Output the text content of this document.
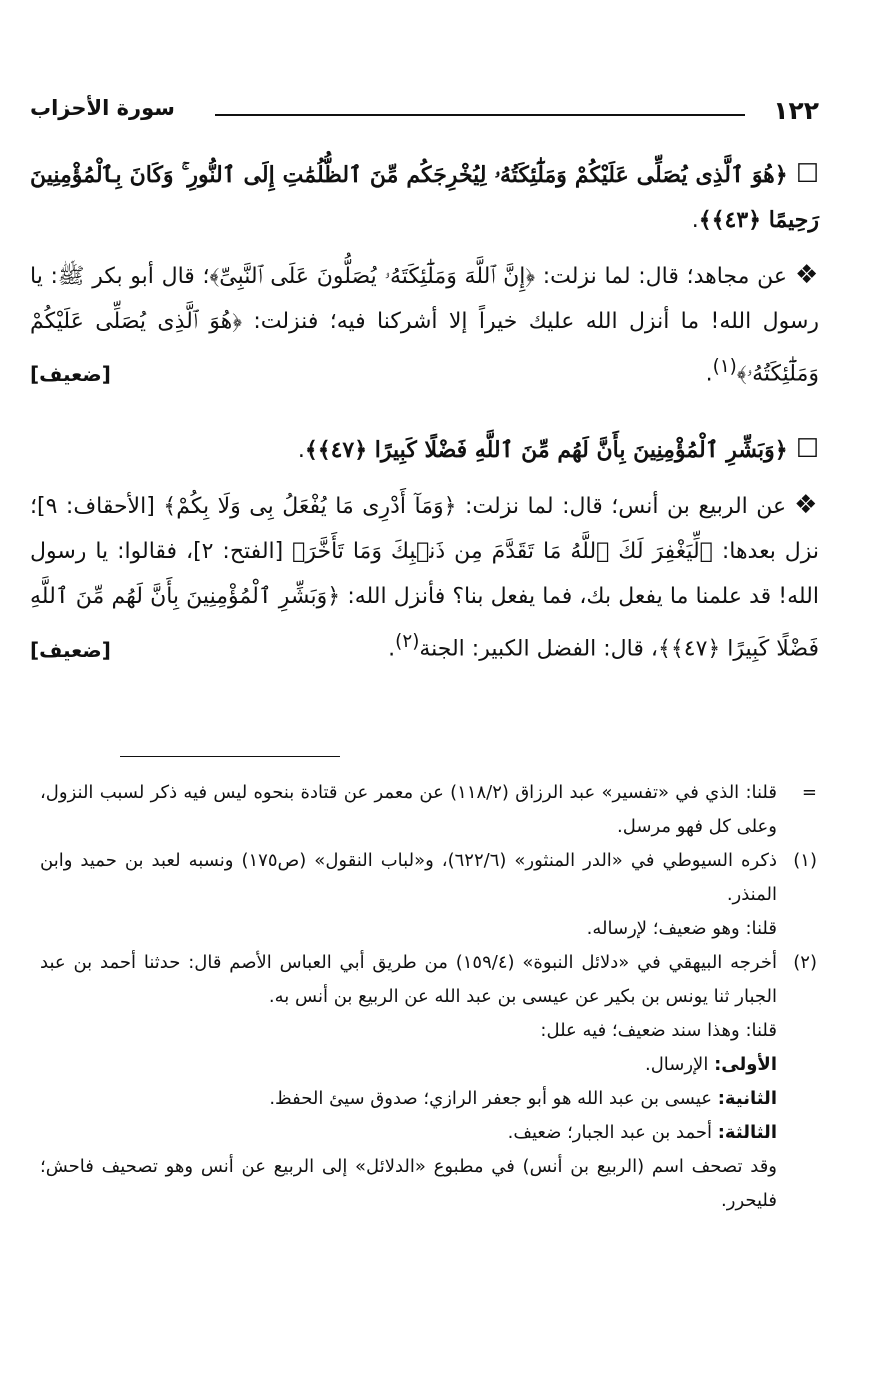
١٢٢
سورة الأحزاب
☐﴿هُوَ ٱلَّذِى يُصَلِّى عَلَيْكُمْ وَمَلَٰٓئِكَتُهُۥ لِيُخْرِجَكُم مِّنَ ٱلظُّلُمَٰتِ إِلَى ٱلنُّورِ ۚ وَكَانَ بِٱلْمُؤْمِنِينَ رَحِيمًا ﴿٤٣﴾﴾.
❖عن مجاهد؛ قال: لما نزلت: ﴿إِنَّ ٱللَّهَ وَمَلَٰٓئِكَتَهُۥ يُصَلُّونَ عَلَى ٱلنَّبِىِّ﴾؛ قال أبو بكر ﷺ: يا رسول الله! ما أنزل الله عليك خيراً إلا أشركنا فيه؛ فنزلت: ﴿هُوَ ٱلَّذِى يُصَلِّى عَلَيْكُمْ وَمَلَٰٓئِكَتُهُۥ﴾$^{(١)}$.
[ضعيف]
☐﴿وَبَشِّرِ ٱلْمُؤْمِنِينَ بِأَنَّ لَهُم مِّنَ ٱللَّهِ فَضْلًا كَبِيرًا ﴿٤٧﴾﴾.
❖عن الربيع بن أنس؛ قال: لما نزلت: ﴿وَمَآ أَدْرِى مَا يُفْعَلُ بِى وَلَا بِكُمْ﴾ [الأحقاف: ٩]؛ نزل بعدها: ﴿لِّيَغْفِرَ لَكَ ٱللَّهُ مَا تَقَدَّمَ مِن ذَنۢبِكَ وَمَا تَأَخَّرَ﴾ [الفتح: ٢]، فقالوا: يا رسول الله! قد علمنا ما يفعل بك، فما يفعل بنا؟ فأنزل الله: ﴿وَبَشِّرِ ٱلْمُؤْمِنِينَ بِأَنَّ لَهُم مِّنَ ٱللَّهِ فَضْلًا كَبِيرًا ﴿٤٧﴾﴾، قال: الفضل الكبير: الجنة$^{(٢)}$.
[ضعيف]
=

قلنا: الذي في «تفسير» عبد الرزاق (١١٨/٢) عن معمر عن قتادة بنحوه ليس فيه ذكر لسبب النزول، وعلى كل فهو مرسل.

(١)

ذكره السيوطي في «الدر المنثور» (٦٢٢/٦)، و«لباب النقول» (ص١٧٥) ونسبه لعبد بن حميد وابن المنذر.

قلنا: وهو ضعيف؛ لإرساله.

(٢)

أخرجه البيهقي في «دلائل النبوة» (١٥٩/٤) من طريق أبي العباس الأصم قال: حدثنا أحمد بن عبد الجبار ثنا يونس بن بكير عن عيسى بن عبد الله عن الربيع بن أنس به.

قلنا: وهذا سند ضعيف؛ فيه علل:

الأولى: الإرسال.

الثانية: عيسى بن عبد الله هو أبو جعفر الرازي؛ صدوق سيئ الحفظ.

الثالثة: أحمد بن عبد الجبار؛ ضعيف.

وقد تصحف اسم (الربيع بن أنس) في مطبوع «الدلائل» إلى الربيع عن أنس وهو تصحيف فاحش؛ فليحرر.
